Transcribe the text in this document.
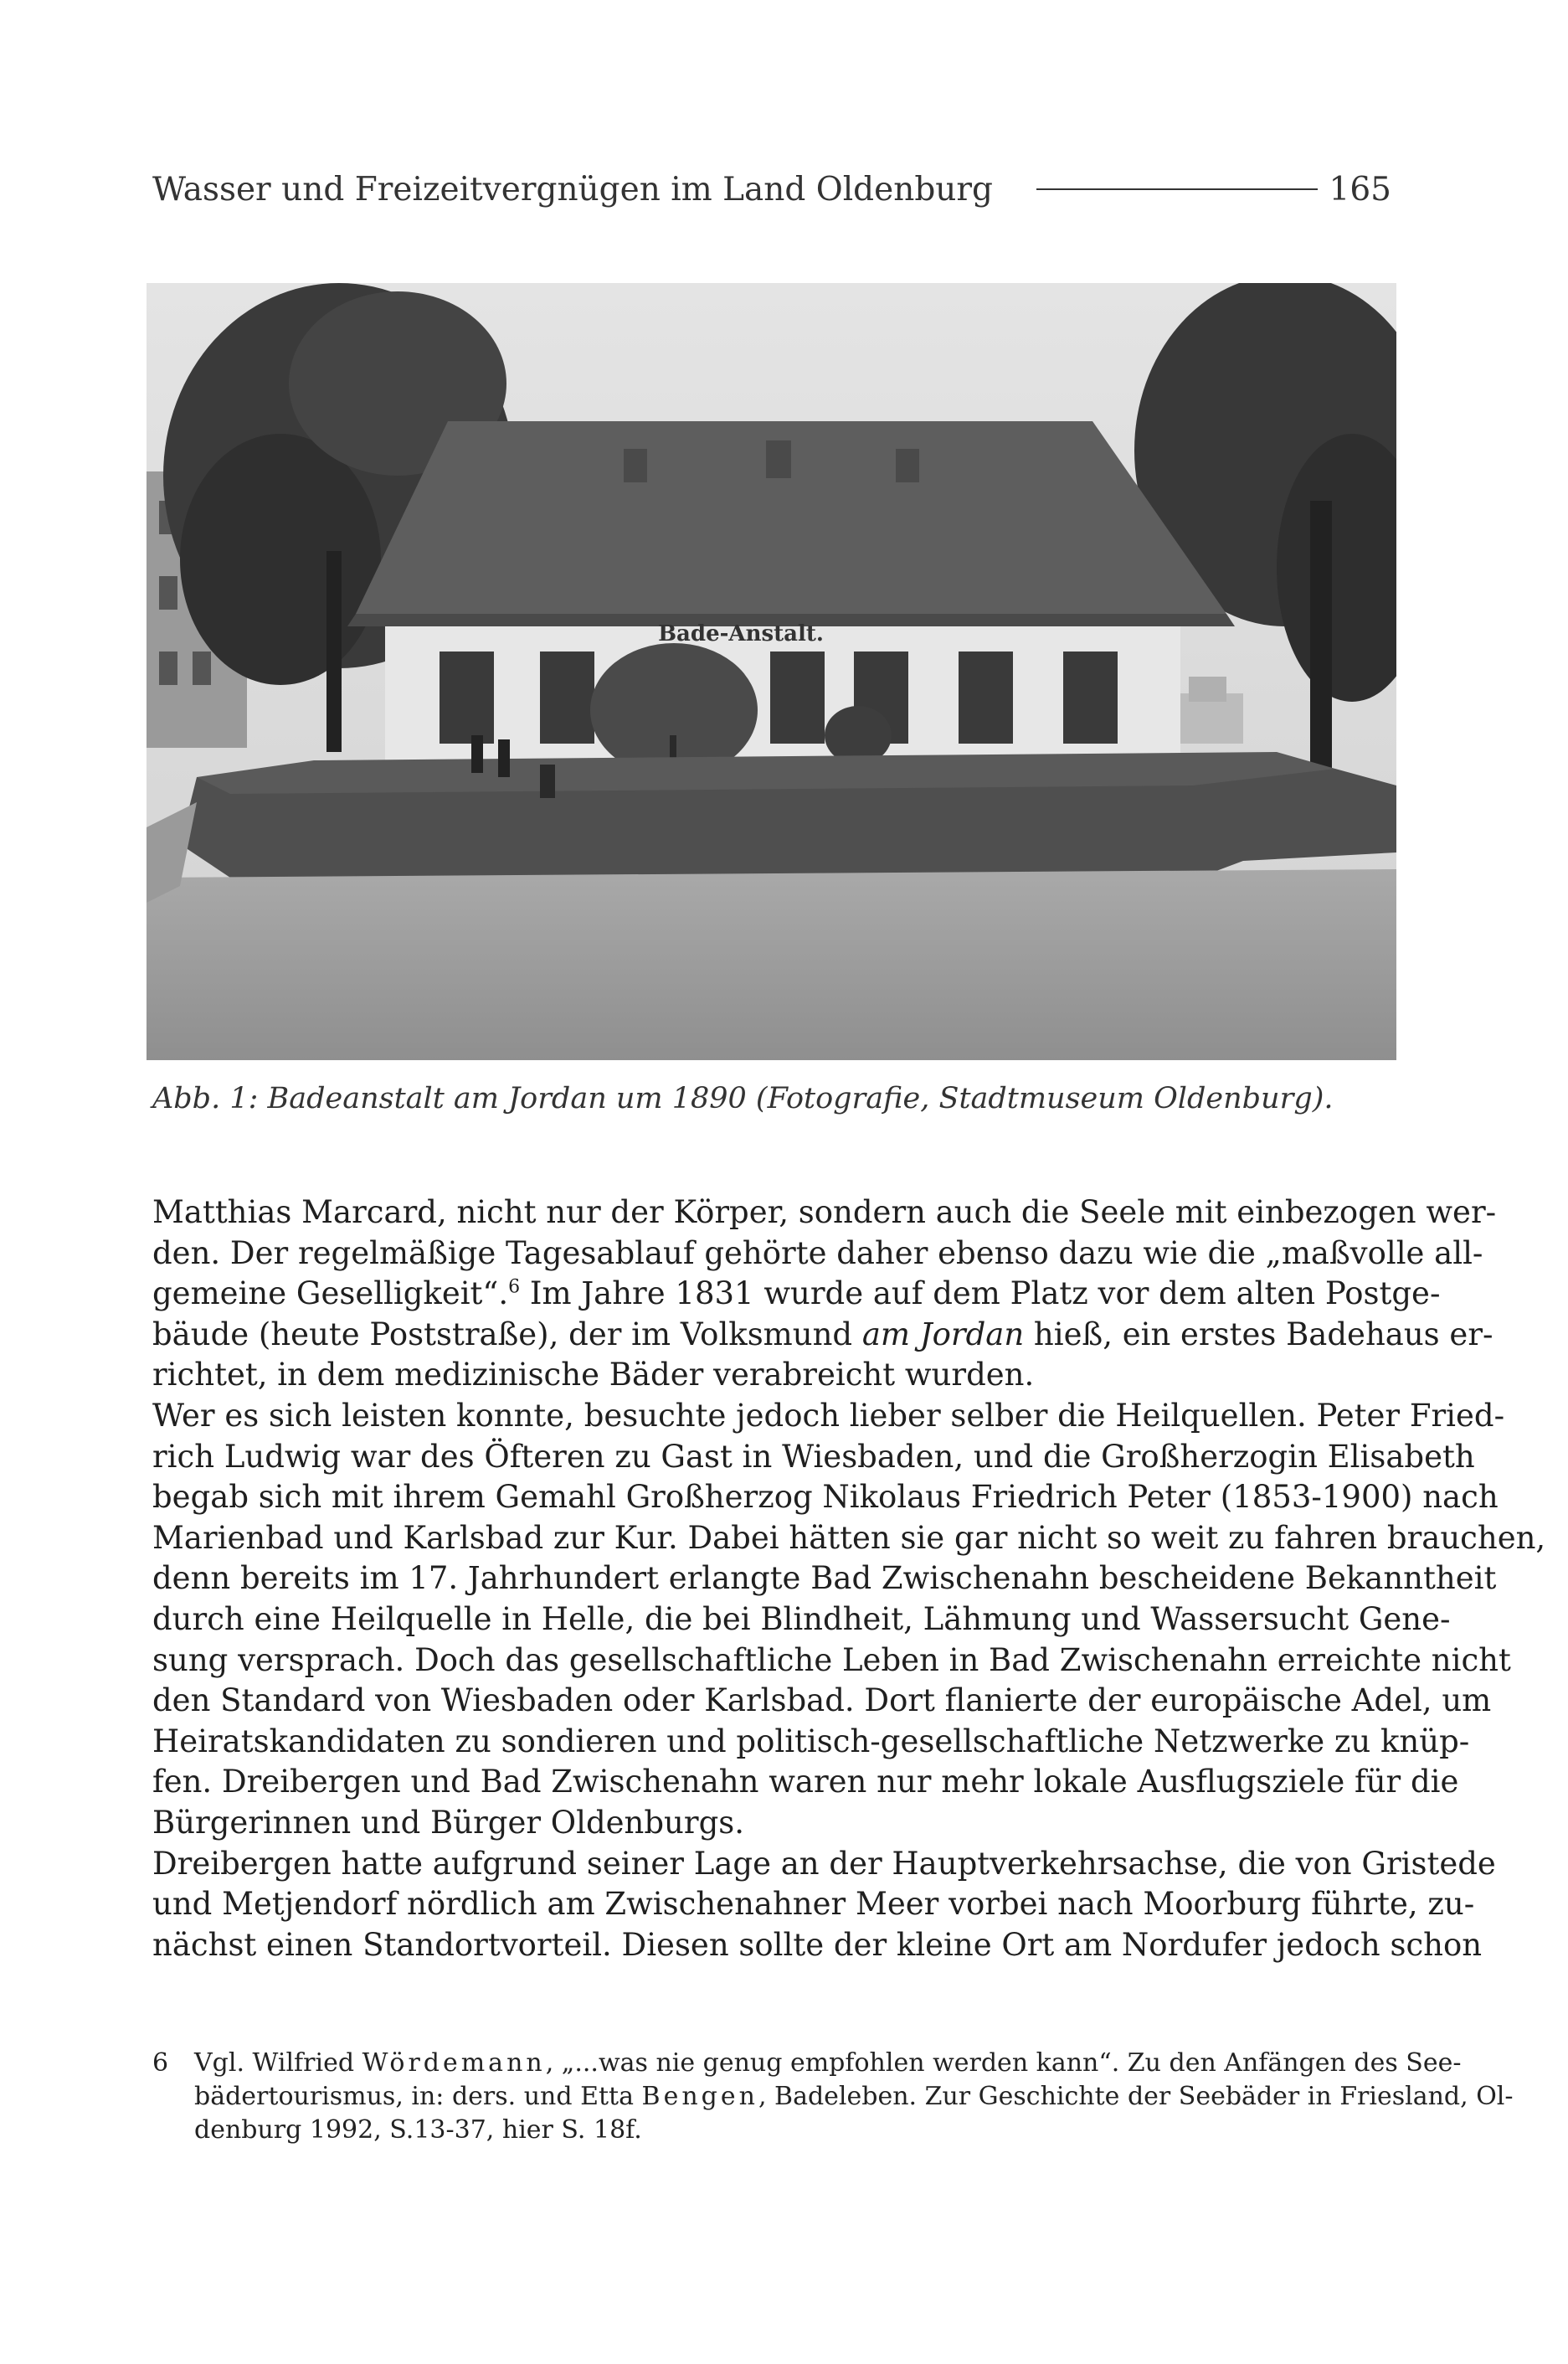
Wasser und Freizeitvergnügen im Land Oldenburg	165
Bade-Anstalt.
Abb. 1: Badeanstalt am Jordan um 1890 (Fotografie, Stadtmuseum Oldenburg).
Matthias Marcard, nicht nur der Körper, sondern auch die Seele mit einbezogen wer-
den. Der regelmäßige Tagesablauf gehörte daher ebenso dazu wie die „maßvolle all-
gemeine Geselligkeit“.$^6$ Im Jahre 1831 wurde auf dem Platz vor dem alten Postge-
bäude (heute Poststraße), der im Volksmund am Jordan hieß, ein erstes Badehaus er-
richtet, in dem medizinische Bäder verabreicht wurden.
Wer es sich leisten konnte, besuchte jedoch lieber selber die Heilquellen. Peter Fried-
rich Ludwig war des Öfteren zu Gast in Wiesbaden, und die Großherzogin Elisabeth
begab sich mit ihrem Gemahl Großherzog Nikolaus Friedrich Peter (1853-1900) nach
Marienbad und Karlsbad zur Kur. Dabei hätten sie gar nicht so weit zu fahren brauchen,
denn bereits im 17. Jahrhundert erlangte Bad Zwischenahn bescheidene Bekanntheit
durch eine Heilquelle in Helle, die bei Blindheit, Lähmung und Wassersucht Gene-
sung versprach. Doch das gesellschaftliche Leben in Bad Zwischenahn erreichte nicht
den Standard von Wiesbaden oder Karlsbad. Dort flanierte der europäische Adel, um
Heiratskandidaten zu sondieren und politisch-gesellschaftliche Netzwerke zu knüp-
fen. Dreibergen und Bad Zwischenahn waren nur mehr lokale Ausflugsziele für die
Bürgerinnen und Bürger Oldenburgs.
Dreibergen hatte aufgrund seiner Lage an der Hauptverkehrsachse, die von Gristede
und Metjendorf nördlich am Zwischenahner Meer vorbei nach Moorburg führte, zu-
nächst einen Standortvorteil. Diesen sollte der kleine Ort am Nordufer jedoch schon
6 Vgl. Wilfried Wördemann, „...was nie genug empfohlen werden kann“. Zu den Anfängen des See-
bädertourismus, in: ders. und Etta Bengen, Badeleben. Zur Geschichte der Seebäder in Friesland, Ol-
denburg 1992, S.13-37, hier S. 18f.
